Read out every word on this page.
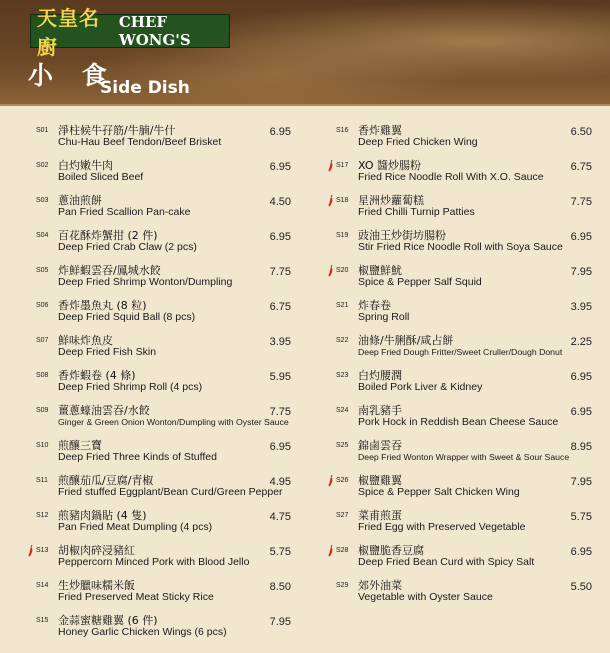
天皇名廚
CHEF WONG'S
小 食
Side Dish
S01 淨柱候牛孖筋/牛腩/牛什
Chu-Hau Beef Tendon/Beef Brisket
6.95
S02 白灼嫩牛肉
Boiled Sliced Beef
6.95
S03 蔥油煎餅
Pan Fried Scallion Pan-cake
4.50
S04 百花酥炸蟹拑 (2 件)
Deep Fried Crab Claw (2 pcs)
6.95
S05 炸鮮蝦雲吞/鳳城水餃
Deep Fried Shrimp Wonton/Dumpling
7.75
S06 香炸墨魚丸 (8 粒)
Deep Fried Squid Ball (8 pcs)
6.75
S07 鮮味炸魚皮
Deep Fried Fish Skin
3.95
S08 香炸蝦卷 (4 條)
Deep Fried Shrimp Roll (4 pcs)
5.95
S09 薑蔥蠔油雲吞/水餃
Ginger & Green Onion Wonton/Dumpling with Oyster Sauce
7.75
S10 煎釀三寶
Deep Fried Three Kinds of Stuffed
6.95
S11 煎釀茄瓜/豆腐/青椒
Fried stuffed Eggplant/Bean Curd/Green Pepper
4.95
S12 煎豬肉鍋貼 (4 隻)
Pan Fried Meat Dumpling (4 pcs)
4.75
S13 胡椒肉碎浸豬紅
Peppercorn Minced Pork with Blood Jello
5.75
S14 生炒臘味糯米飯
Fried Preserved Meat Sticky Rice
8.50
S15 金蒜蜜糖雞翼 (6 件)
Honey Garlic Chicken Wings (6 pcs)
7.95
S16 香炸雞翼
Deep Fried Chicken Wing
6.50
S17 XO 醬炒腸粉
Fried Rice Noodle Roll With X.O. Sauce
6.75
S18 星洲炒蘿蔔糕
Fried Chilli Turnip Patties
7.75
S19 豉油王炒街坊腸粉
Stir Fried Rice Noodle Roll with Soya Sauce
6.95
S20 椒鹽鮮魷
Spice & Pepper Salf Squid
7.95
S21 炸春卷
Spring Roll
3.95
S22 油條/牛脷酥/咸占餅
Deep Fried Dough Fritter/Sweet Cruller/Dough Donut
2.25
S23 白灼腰潤
Boiled Pork Liver & Kidney
6.95
S24 南乳豬手
Pork Hock in Reddish Bean Cheese Sauce
6.95
S25 錦鹵雲吞
Deep Fried Wonton Wrapper with Sweet & Sour Sauce
8.95
S26 椒鹽雞翼
Spice & Pepper Salt Chicken Wing
7.95
S27 菜甫煎蛋
Fried Egg with Preserved Vegetable
5.75
S28 椒鹽脆香豆腐
Deep Fried Bean Curd with Spicy Salt
6.95
S29 郊外油菜
Vegetable with Oyster Sauce
5.50
